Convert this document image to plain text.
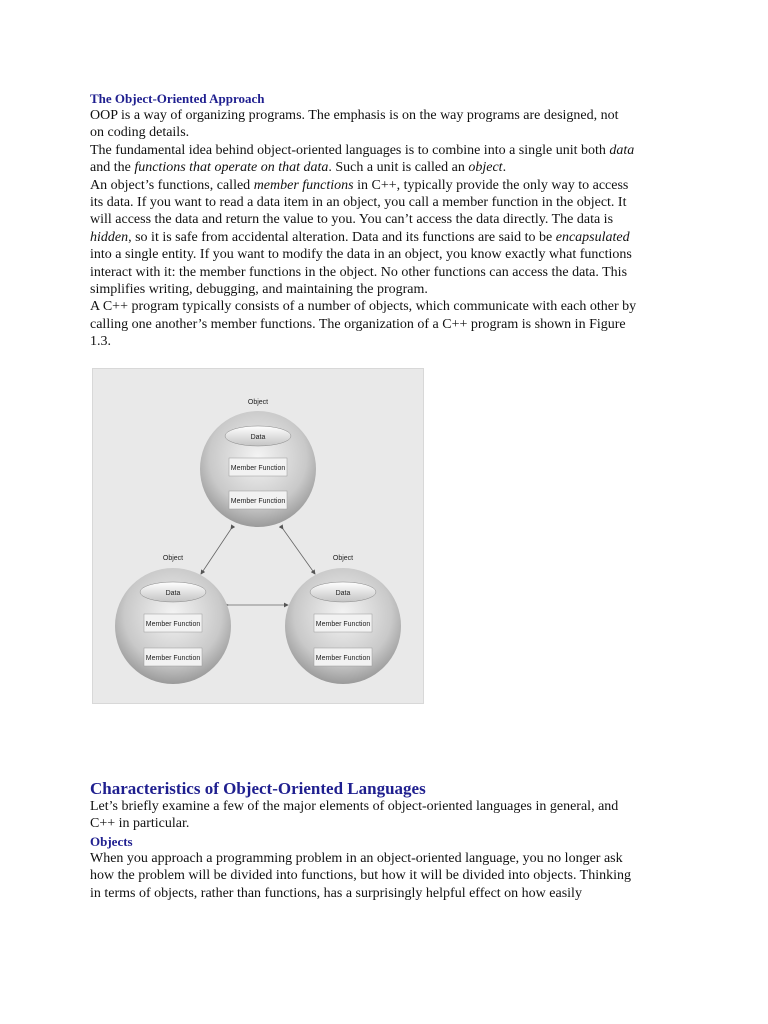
The Object-Oriented Approach

OOP is a way of organizing programs. The emphasis is on the way programs are designed, not
on coding details.

The fundamental idea behind object-oriented languages is to combine into a single unit both data
and the functions that operate on that data. Such a unit is called an object.

An object’s functions, called member functions in C++, typically provide the only way to access
its data. If you want to read a data item in an object, you call a member function in the object. It
will access the data and return the value to you. You can’t access the data directly. The data is
hidden, so it is safe from accidental alteration. Data and its functions are said to be encapsulated
into a single entity. If you want to modify the data in an object, you know exactly what functions
interact with it: the member functions in the object. No other functions can access the data. This
simplifies writing, debugging, and maintaining the program.

A C++ program typically consists of a number of objects, which communicate with each other by
calling one another’s member functions. The organization of a C++ program is shown in Figure
1.3.

Object
Data
Member Function
Member Function
Object
Data
Member Function
Member Function
Object
Data
Member Function
Member Function

Characteristics of Object-Oriented Languages

Let’s briefly examine a few of the major elements of object-oriented languages in general, and
C++ in particular.

Objects

When you approach a programming problem in an object-oriented language, you no longer ask
how the problem will be divided into functions, but how it will be divided into objects. Thinking
in terms of objects, rather than functions, has a surprisingly helpful effect on how easily
